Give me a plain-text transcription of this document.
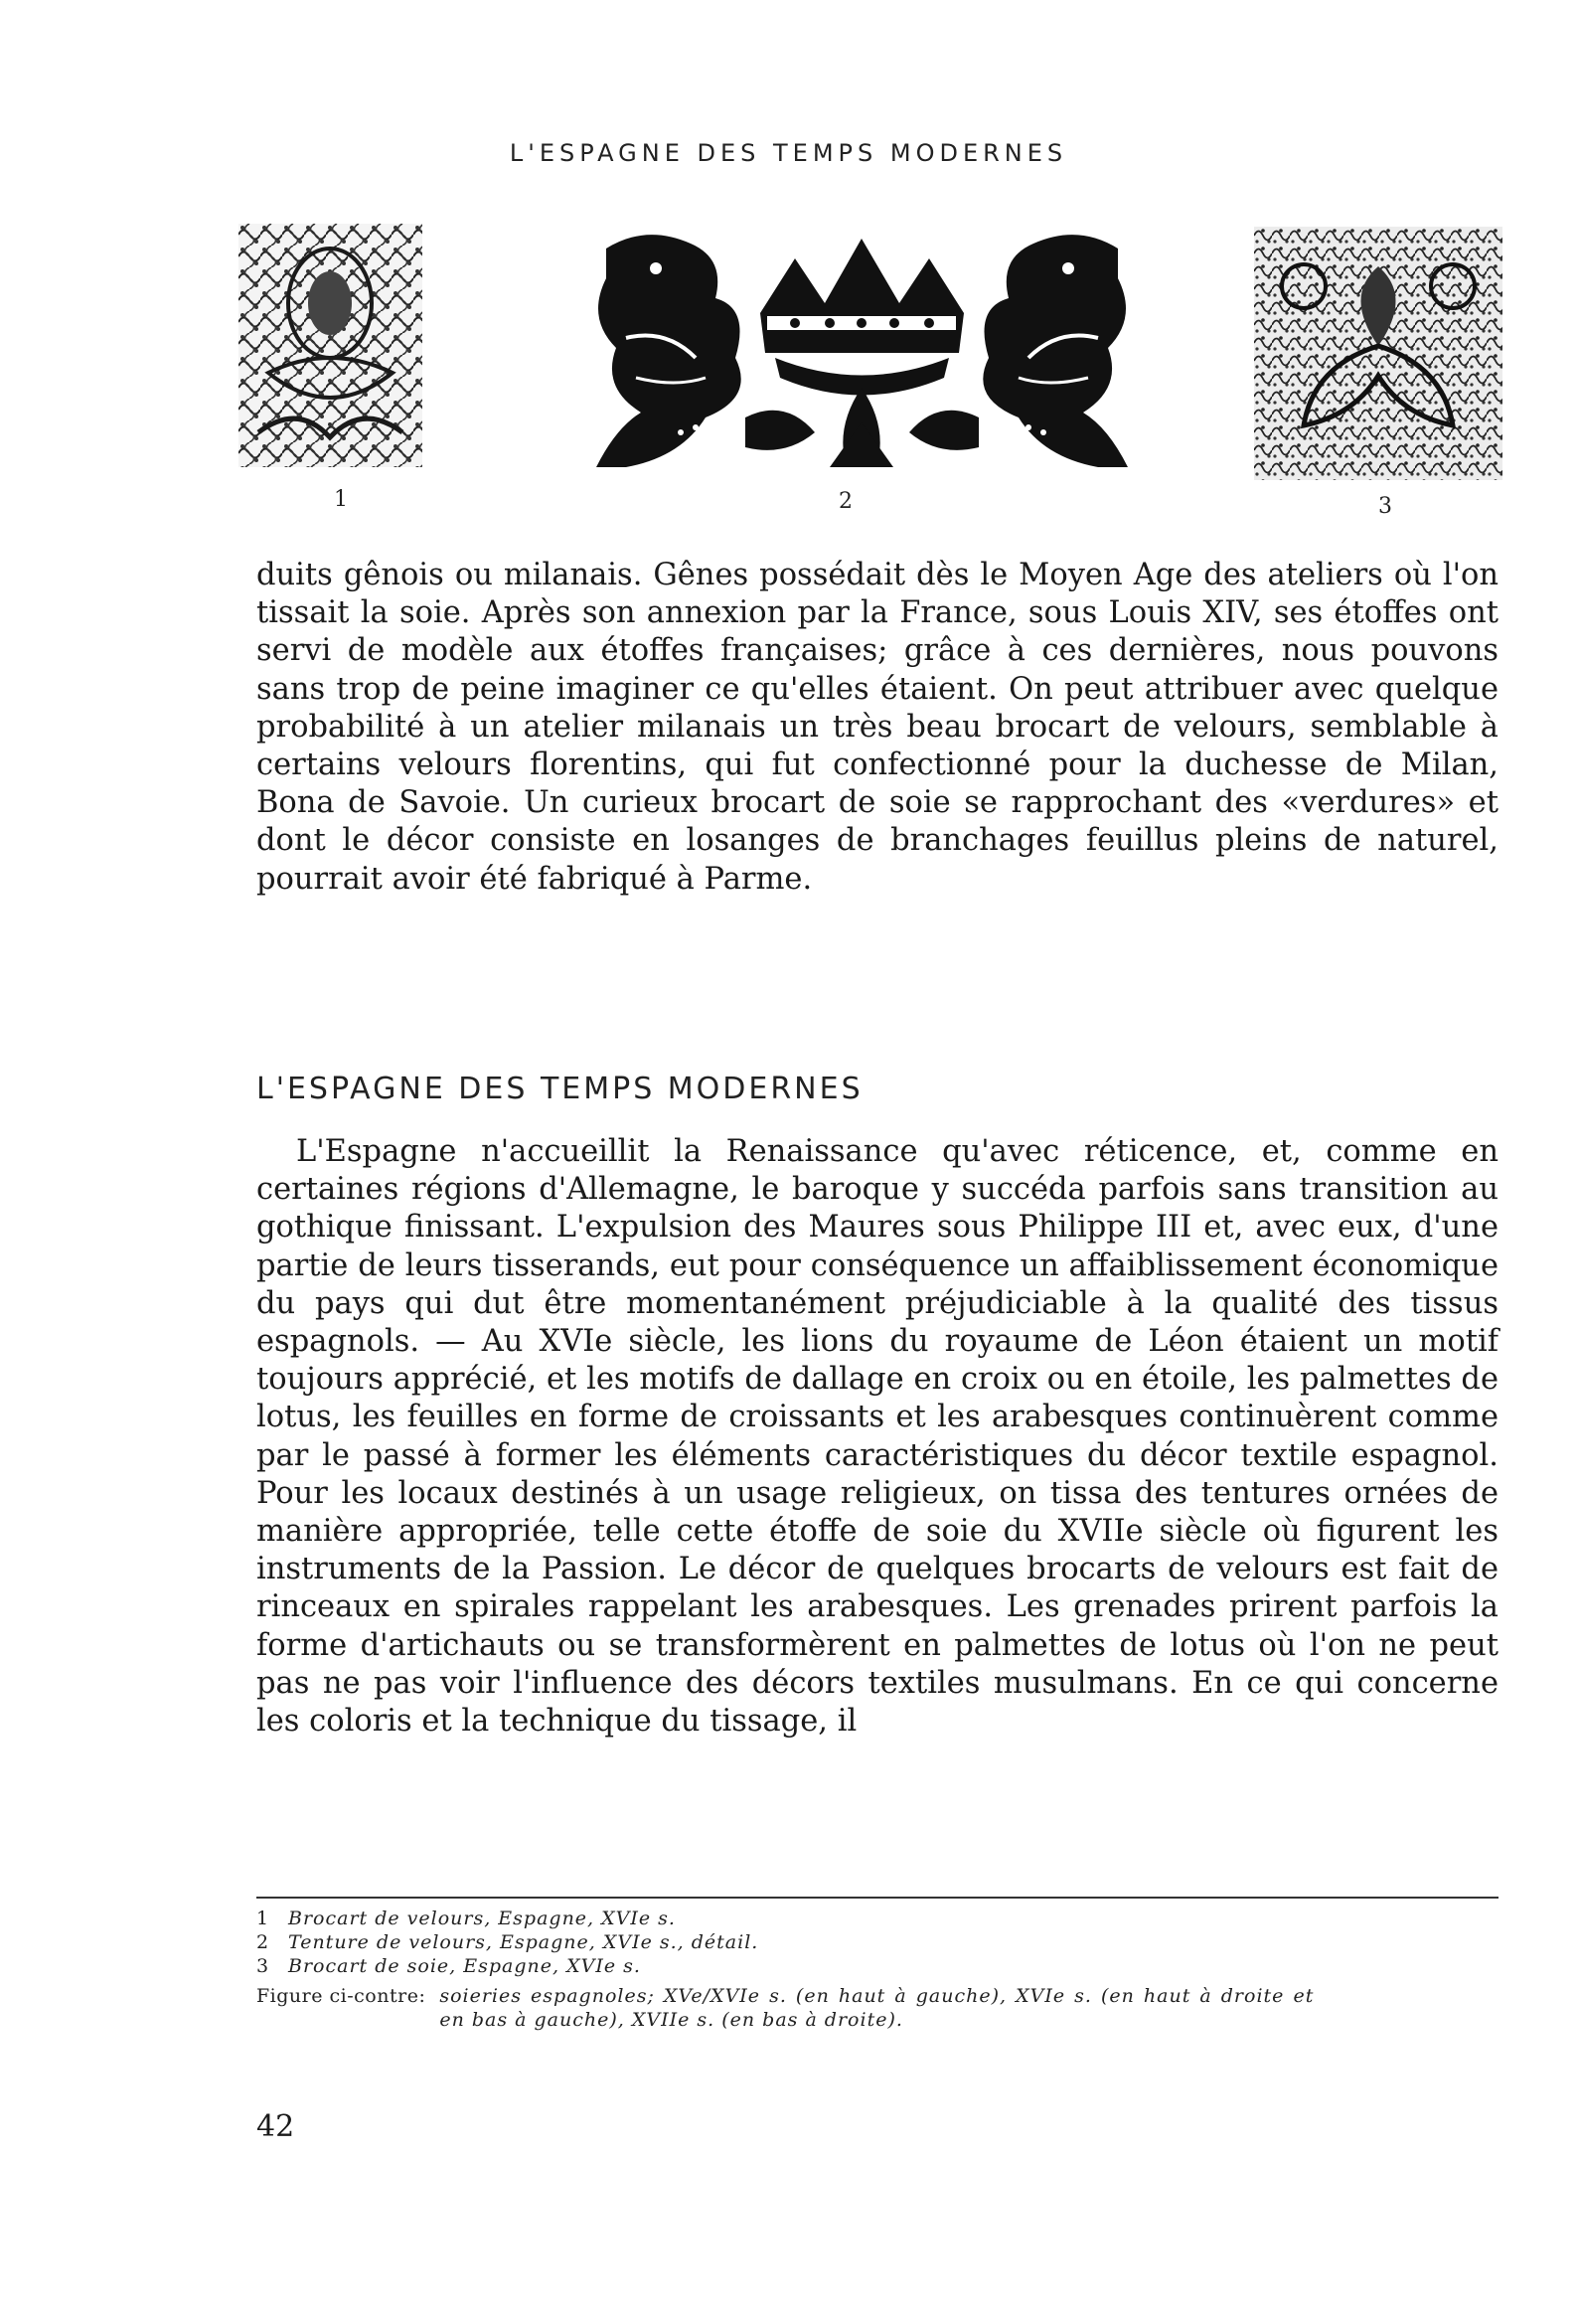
L'ESPAGNE DES TEMPS MODERNES
1	2	3

duits gênois ou milanais. Gênes possédait dès le Moyen Age des ateliers où l'on tissait la soie. Après son annexion par la France, sous Louis XIV, ses étoffes ont servi de modèle aux étoffes françaises; grâce à ces dernières, nous pouvons sans trop de peine imaginer ce qu'elles étaient. On peut attribuer avec quelque probabilité à un atelier milanais un très beau brocart de velours, semblable à certains velours florentins, qui fut confectionné pour la duchesse de Milan, Bona de Savoie. Un curieux brocart de soie se rapprochant des «verdures» et dont le décor consiste en losanges de branchages feuillus pleins de naturel, pourrait avoir été fabriqué à Parme.

L'ESPAGNE DES TEMPS MODERNES

L'Espagne n'accueillit la Renaissance qu'avec réticence, et, comme en certaines régions d'Allemagne, le baroque y succéda parfois sans transition au gothique finissant. L'expulsion des Maures sous Philippe III et, avec eux, d'une partie de leurs tisserands, eut pour conséquence un affaiblissement économique du pays qui dut être momentanément préjudiciable à la qualité des tissus espagnols. — Au XVIe siècle, les lions du royaume de Léon étaient un motif toujours apprécié, et les motifs de dallage en croix ou en étoile, les palmettes de lotus, les feuilles en forme de croissants et les arabesques continuèrent comme par le passé à former les éléments caractéristiques du décor textile espagnol. Pour les locaux destinés à un usage religieux, on tissa des tentures ornées de manière appropriée, telle cette étoffe de soie du XVIIe siècle où figurent les instruments de la Passion. Le décor de quelques brocarts de velours est fait de rinceaux en spirales rappelant les arabesques. Les grenades prirent parfois la forme d'artichauts ou se transformèrent en palmettes de lotus où l'on ne peut pas ne pas voir l'influence des décors textiles musulmans. En ce qui concerne les coloris et la technique du tissage, il

1	Brocart de velours, Espagne, XVIe s.
2	Tenture de velours, Espagne, XVIe s., détail.
3	Brocart de soie, Espagne, XVIe s.
Figure ci-contre: soieries espagnoles; XVe/XVIe s. (en haut à gauche), XVIe s. (en haut à droite et en bas à gauche), XVIIe s. (en bas à droite).
42
